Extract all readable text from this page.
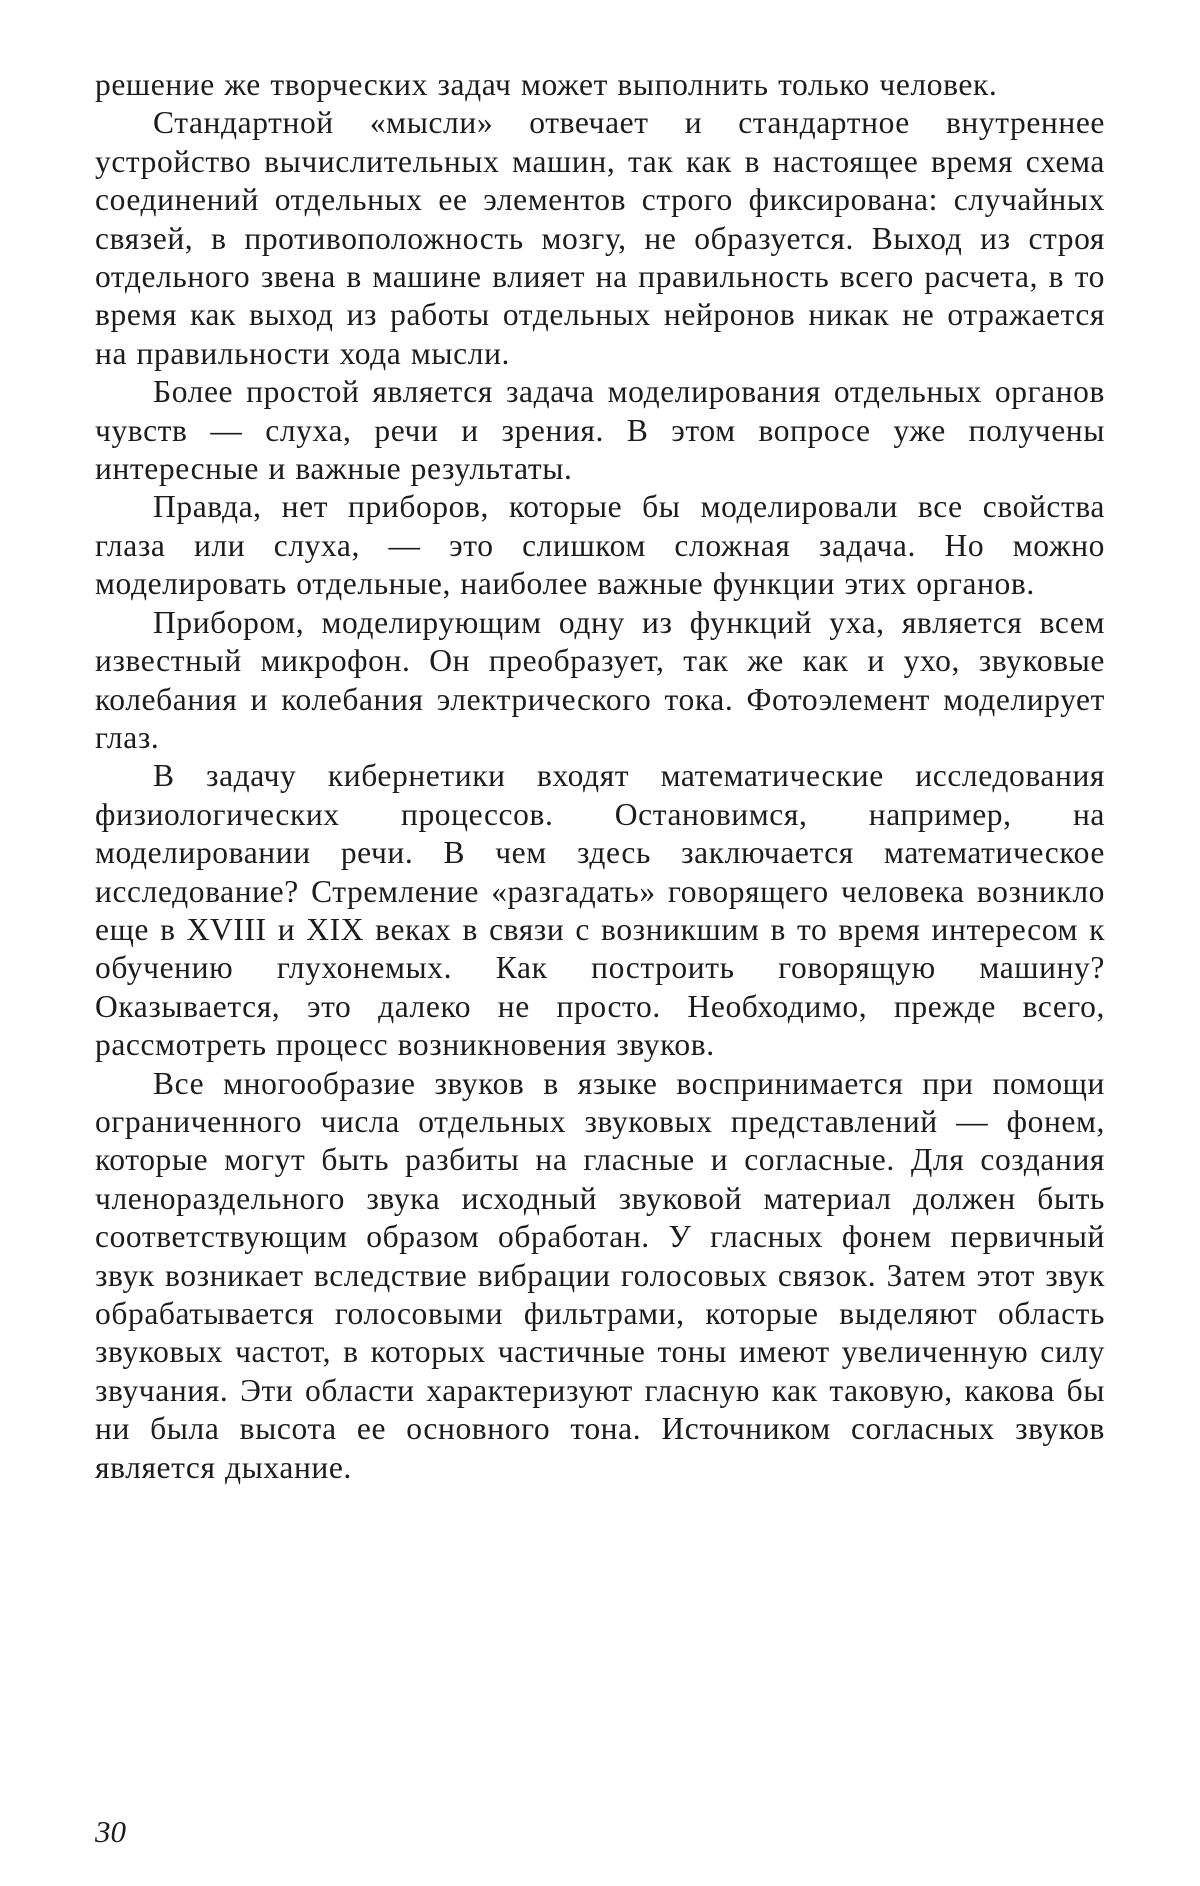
решение же творческих задач может выполнить только человек.

Стандартной «мысли» отвечает и стандартное внутреннее устройство вычислительных машин, так как в настоящее время схема соединений отдельных ее элементов строго фиксирована: случайных связей, в противоположность мозгу, не образуется. Выход из строя отдельного звена в машине влияет на правильность всего расчета, в то время как выход из работы отдельных нейронов никак не отражается на правильности хода мысли.

Более простой является задача моделирования отдельных органов чувств — слуха, речи и зрения. В этом вопросе уже получены интересные и важные результаты.

Правда, нет приборов, которые бы моделировали все свойства глаза или слуха, — это слишком сложная задача. Но можно моделировать отдельные, наиболее важные функции этих органов.

Прибором, моделирующим одну из функций уха, является всем известный микрофон. Он преобразует, так же как и ухо, звуковые колебания и колебания электрического тока. Фотоэлемент моделирует глаз.

В задачу кибернетики входят математические исследования физиологических процессов. Остановимся, например, на моделировании речи. В чем здесь заключается математическое исследование? Стремление «разгадать» говорящего человека возникло еще в XVIII и XIX веках в связи с возникшим в то время интересом к обучению глухонемых. Как построить говорящую машину? Оказывается, это далеко не просто. Необходимо, прежде всего, рассмотреть процесс возникновения звуков.

Все многообразие звуков в языке воспринимается при помощи ограниченного числа отдельных звуковых представлений — фонем, которые могут быть разбиты на гласные и согласные. Для создания членораздельного звука исходный звуковой материал должен быть соответствующим образом обработан. У гласных фонем первичный звук возникает вследствие вибрации голосовых связок. Затем этот звук обрабатывается голосовыми фильтрами, которые выделяют область звуковых частот, в которых частичные тоны имеют увеличенную силу звучания. Эти области характеризуют гласную как таковую, какова бы ни была высота ее основного тона. Источником согласных звуков является дыхание.

30
